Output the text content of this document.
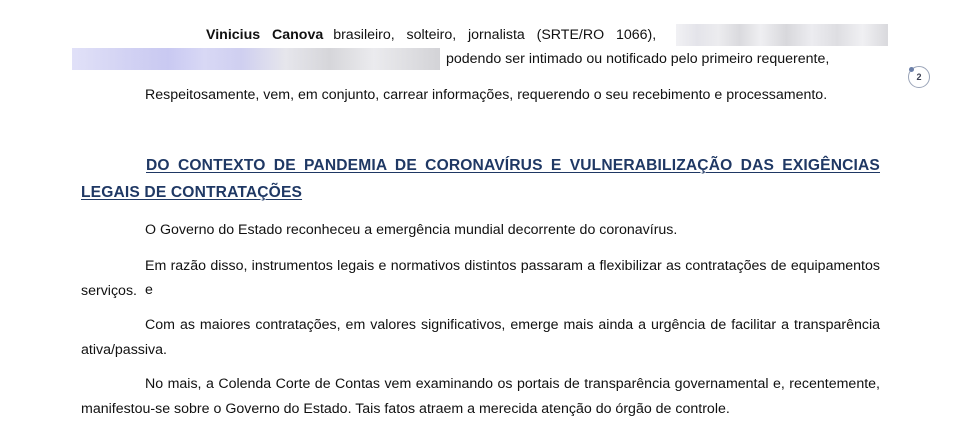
Vinicius   Canova brasileiro,   solteiro,   jornalista   (SRTE/RO   1066),
podendo ser intimado ou notificado pelo primeiro requerente,
Respeitosamente, vem, em conjunto, carrear informações, requerendo o seu recebimento e processamento.
DO CONTEXTO DE PANDEMIA DE CORONAVÍRUS E VULNERABILIZAÇÃO DAS EXIGÊNCIAS
LEGAIS DE CONTRATAÇÕES
O Governo do Estado reconheceu a emergência mundial decorrente do coronavírus.
Em razão disso, instrumentos legais e normativos distintos passaram a flexibilizar as contratações de equipamentos e
serviços.
Com as maiores contratações, em valores significativos, emerge mais ainda a urgência de facilitar a transparência
ativa/passiva.
No mais, a Colenda Corte de Contas vem examinando os portais de transparência governamental e, recentemente,
manifestou-se sobre o Governo do Estado. Tais fatos atraem a merecida atenção do órgão de controle.
2
